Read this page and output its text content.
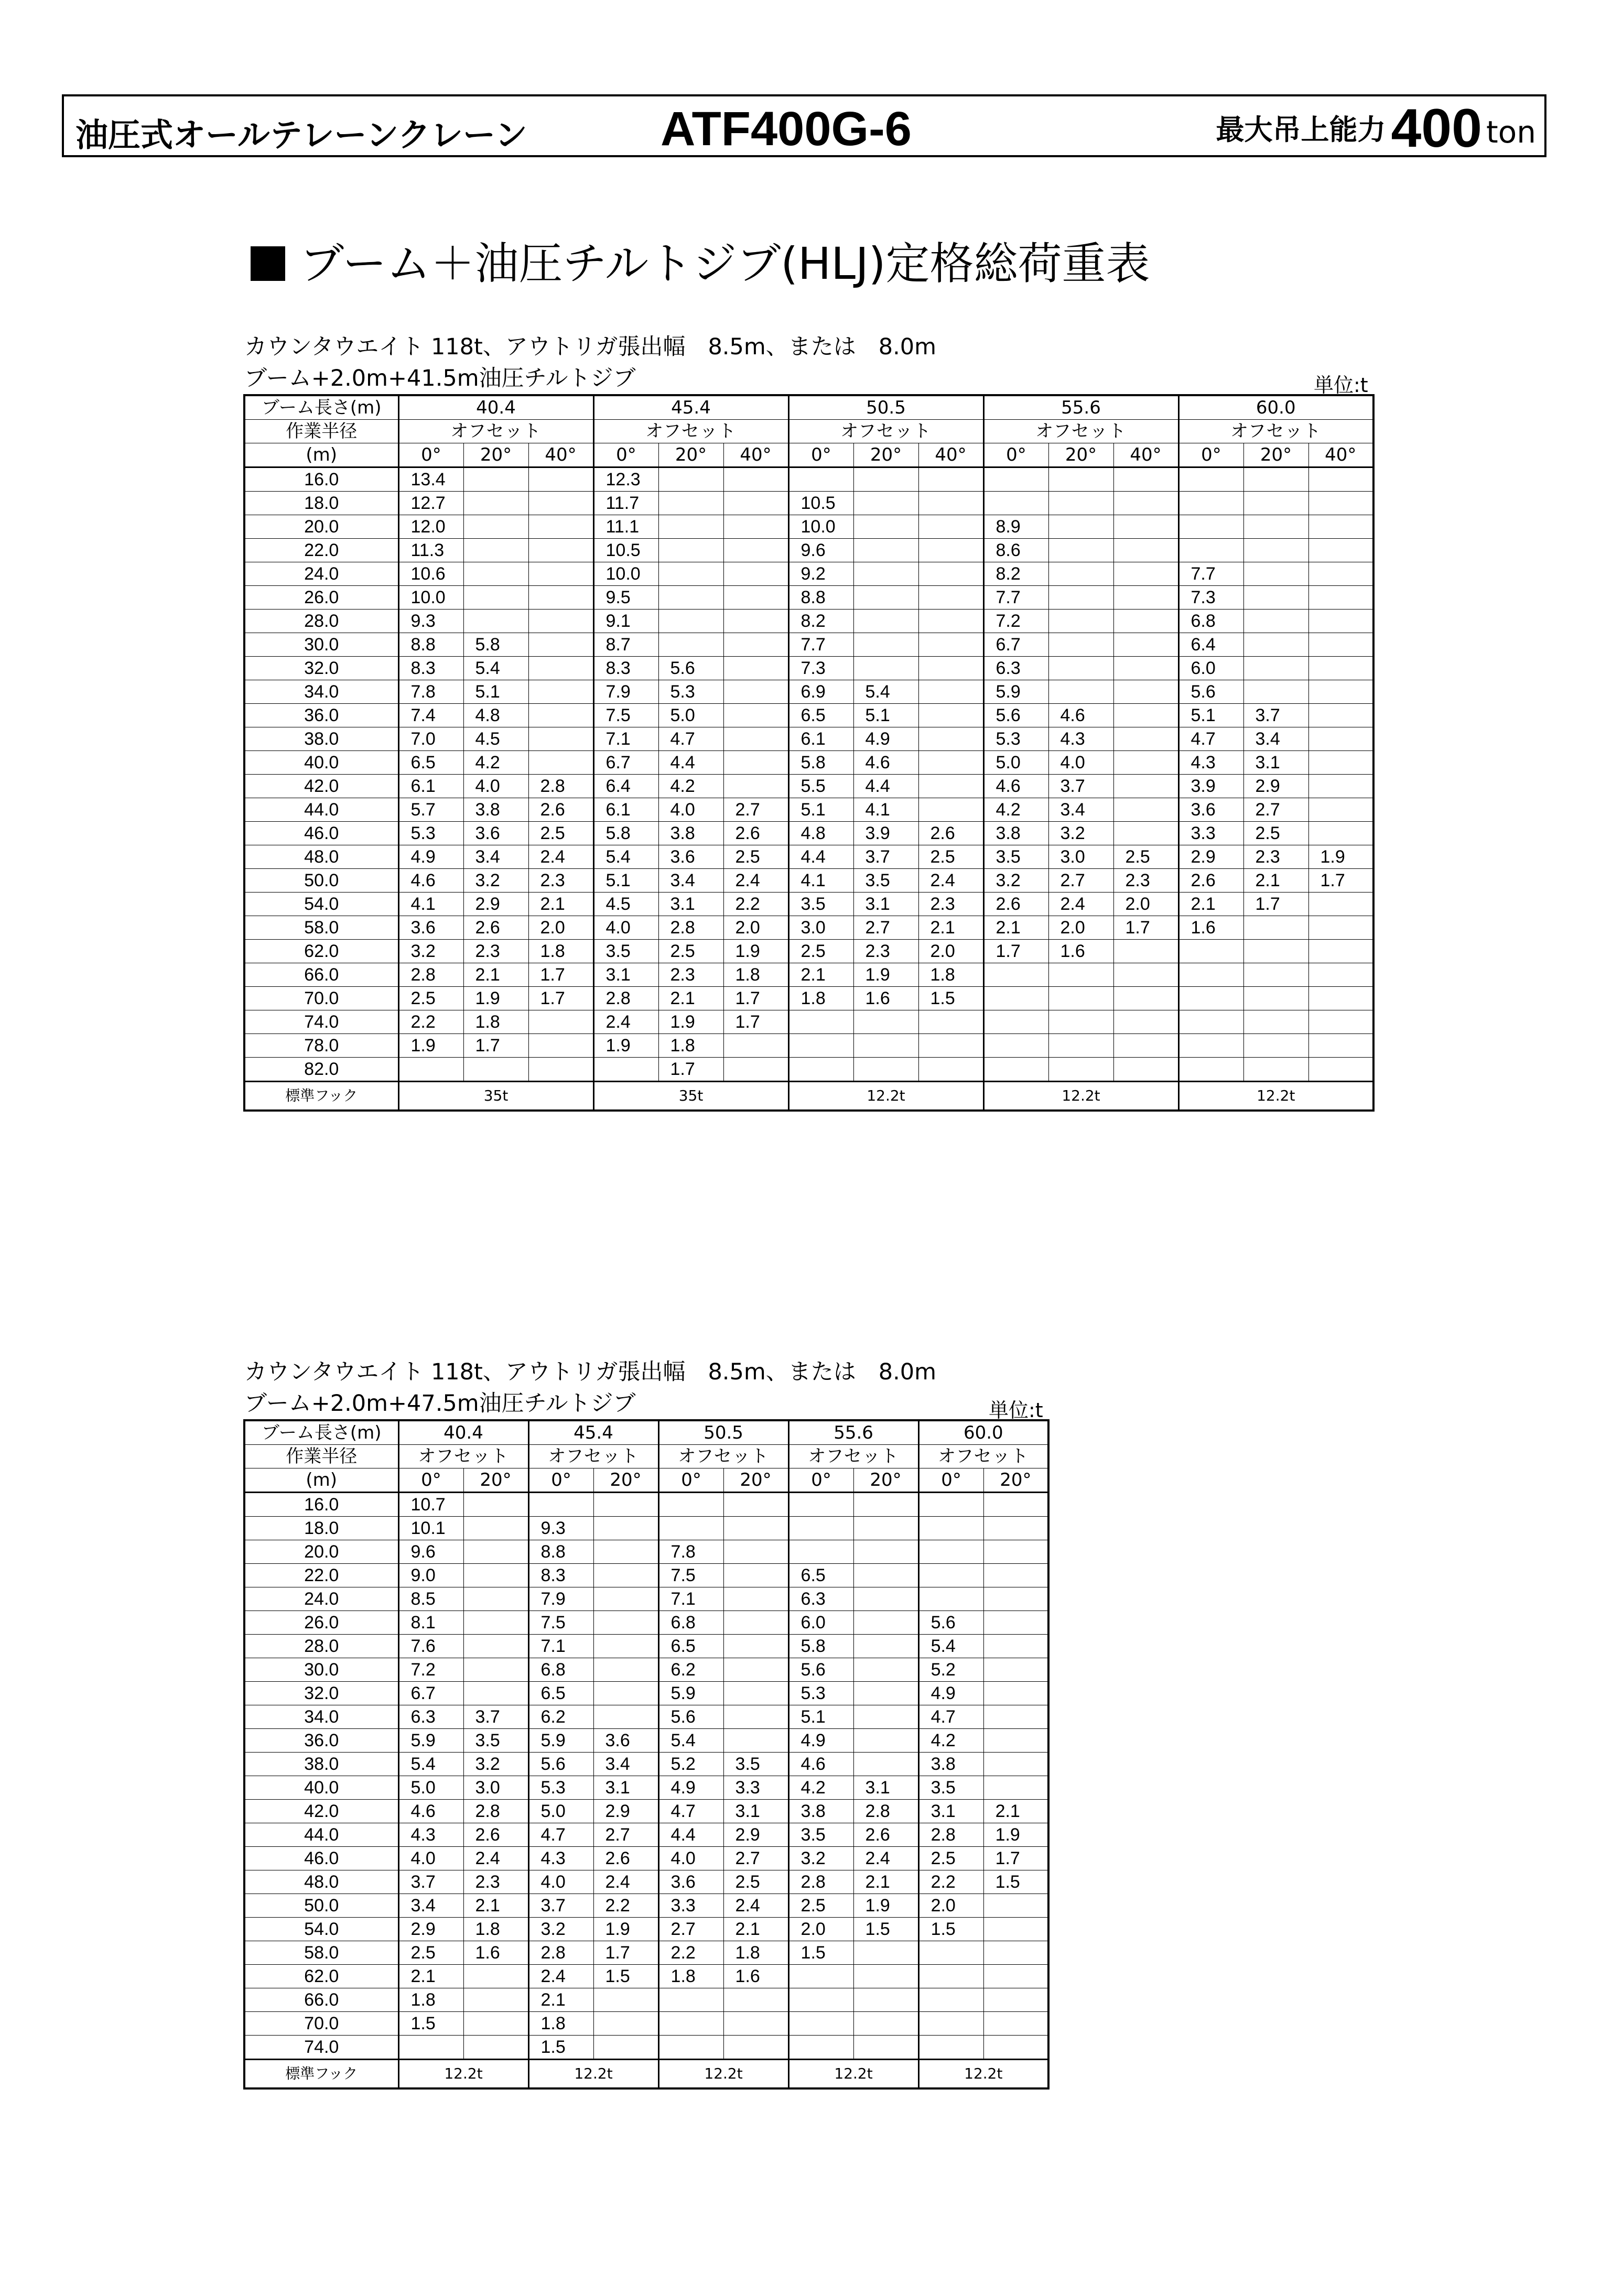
油圧式オールテレーンクレーン	ATF400G-6	最大吊上能力400 ton
ブーム＋油圧チルトジブ(HLJ)定格総荷重表
カウンタウエイト 118t、アウトリガ張出幅　8.5m、または　8.0m
ブーム+2.0m+41.5m油圧チルトジブ	単位:t
ブーム長さ(m)	40.4			45.4			50.5			55.6			60.0		
作業半径	オフセット			オフセット			オフセット			オフセット			オフセット		
(m)	0°	20°	40°	0°	20°	40°	0°	20°	40°	0°	20°	40°	0°	20°	40°
16.0	13.4			12.3											
18.0	12.7			11.7			10.5								
20.0	12.0			11.1			10.0			8.9					
22.0	11.3			10.5			9.6			8.6					
24.0	10.6			10.0			9.2			8.2			7.7		
26.0	10.0			9.5			8.8			7.7			7.3		
28.0	9.3			9.1			8.2			7.2			6.8		
30.0	8.8	5.8		8.7			7.7			6.7			6.4		
32.0	8.3	5.4		8.3	5.6		7.3			6.3			6.0		
34.0	7.8	5.1		7.9	5.3		6.9	5.4		5.9			5.6		
36.0	7.4	4.8		7.5	5.0		6.5	5.1		5.6	4.6		5.1	3.7	
38.0	7.0	4.5		7.1	4.7		6.1	4.9		5.3	4.3		4.7	3.4	
40.0	6.5	4.2		6.7	4.4		5.8	4.6		5.0	4.0		4.3	3.1	
42.0	6.1	4.0	2.8	6.4	4.2		5.5	4.4		4.6	3.7		3.9	2.9	
44.0	5.7	3.8	2.6	6.1	4.0	2.7	5.1	4.1		4.2	3.4		3.6	2.7	
46.0	5.3	3.6	2.5	5.8	3.8	2.6	4.8	3.9	2.6	3.8	3.2		3.3	2.5	
48.0	4.9	3.4	2.4	5.4	3.6	2.5	4.4	3.7	2.5	3.5	3.0	2.5	2.9	2.3	1.9
50.0	4.6	3.2	2.3	5.1	3.4	2.4	4.1	3.5	2.4	3.2	2.7	2.3	2.6	2.1	1.7
54.0	4.1	2.9	2.1	4.5	3.1	2.2	3.5	3.1	2.3	2.6	2.4	2.0	2.1	1.7	
58.0	3.6	2.6	2.0	4.0	2.8	2.0	3.0	2.7	2.1	2.1	2.0	1.7	1.6		
62.0	3.2	2.3	1.8	3.5	2.5	1.9	2.5	2.3	2.0	1.7	1.6				
66.0	2.8	2.1	1.7	3.1	2.3	1.8	2.1	1.9	1.8						
70.0	2.5	1.9	1.7	2.8	2.1	1.7	1.8	1.6	1.5						
74.0	2.2	1.8		2.4	1.9	1.7									
78.0	1.9	1.7		1.9	1.8										
82.0					1.7										
標準フック	35t			35t			12.2t			12.2t			12.2t		
カウンタウエイト 118t、アウトリガ張出幅　8.5m、または　8.0m
ブーム+2.0m+47.5m油圧チルトジブ	単位:t
ブーム長さ(m)	40.4		45.4		50.5		55.6		60.0	
作業半径	オフセット		オフセット		オフセット		オフセット		オフセット	
(m)	0°	20°	0°	20°	0°	20°	0°	20°	0°	20°
16.0	10.7									
18.0	10.1		9.3							
20.0	9.6		8.8		7.8					
22.0	9.0		8.3		7.5		6.5			
24.0	8.5		7.9		7.1		6.3			
26.0	8.1		7.5		6.8		6.0		5.6	
28.0	7.6		7.1		6.5		5.8		5.4	
30.0	7.2		6.8		6.2		5.6		5.2	
32.0	6.7		6.5		5.9		5.3		4.9	
34.0	6.3	3.7	6.2		5.6		5.1		4.7	
36.0	5.9	3.5	5.9	3.6	5.4		4.9		4.2	
38.0	5.4	3.2	5.6	3.4	5.2	3.5	4.6		3.8	
40.0	5.0	3.0	5.3	3.1	4.9	3.3	4.2	3.1	3.5	
42.0	4.6	2.8	5.0	2.9	4.7	3.1	3.8	2.8	3.1	2.1
44.0	4.3	2.6	4.7	2.7	4.4	2.9	3.5	2.6	2.8	1.9
46.0	4.0	2.4	4.3	2.6	4.0	2.7	3.2	2.4	2.5	1.7
48.0	3.7	2.3	4.0	2.4	3.6	2.5	2.8	2.1	2.2	1.5
50.0	3.4	2.1	3.7	2.2	3.3	2.4	2.5	1.9	2.0	
54.0	2.9	1.8	3.2	1.9	2.7	2.1	2.0	1.5	1.5	
58.0	2.5	1.6	2.8	1.7	2.2	1.8	1.5			
62.0	2.1		2.4	1.5	1.8	1.6				
66.0	1.8		2.1							
70.0	1.5		1.8							
74.0			1.5							
標準フック	12.2t		12.2t		12.2t		12.2t		12.2t	
